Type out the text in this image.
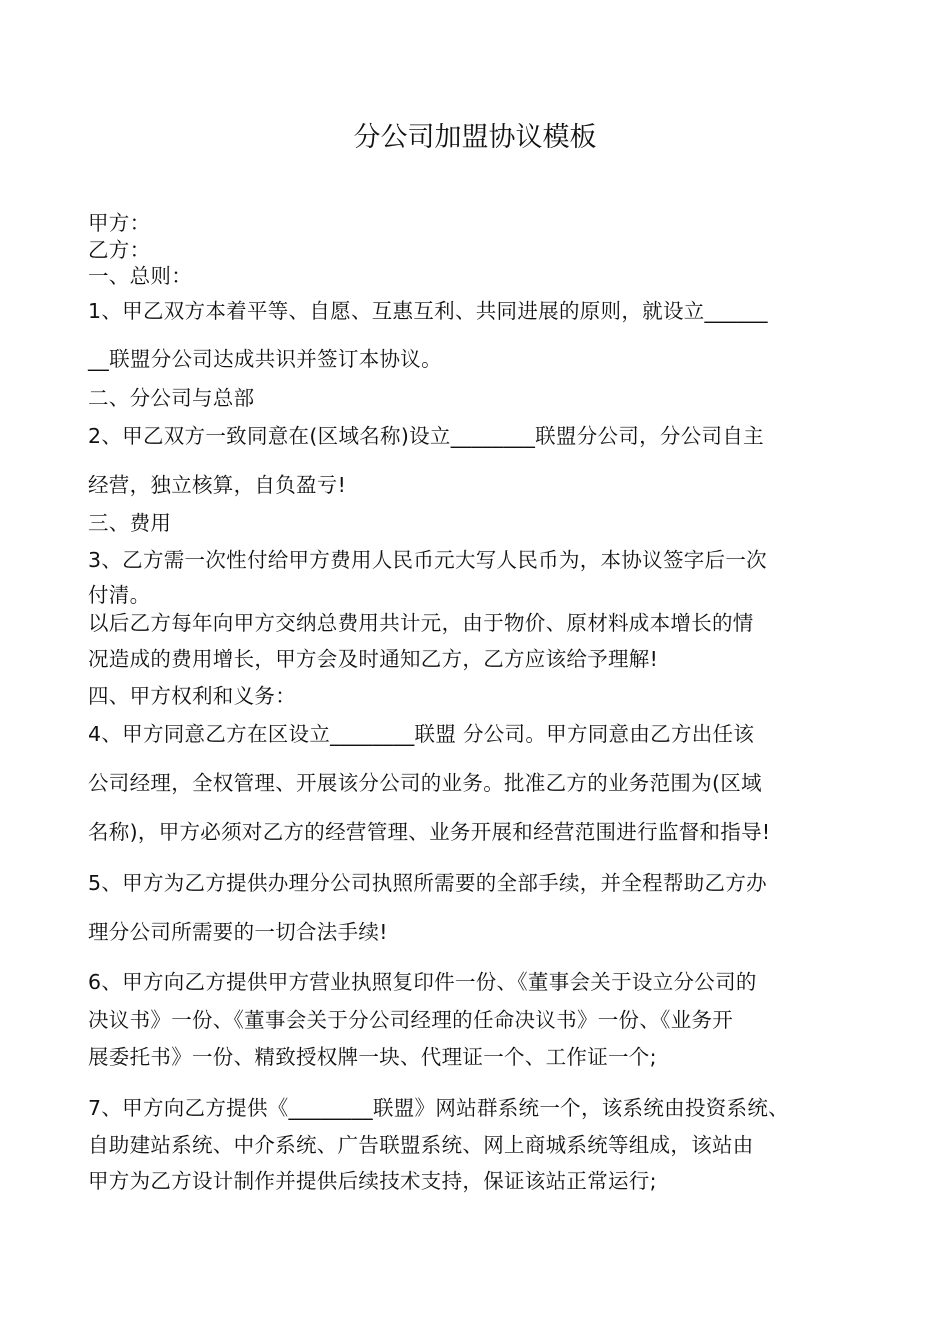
分公司加盟协议模板
甲方：
乙方：
一、总则：
1、甲乙双方本着平等、自愿、互惠互利、共同进展的原则，就设立______
__联盟分公司达成共识并签订本协议。
二、分公司与总部
2、甲乙双方一致同意在(区域名称)设立________联盟分公司，分公司自主
经营，独立核算，自负盈亏!
三、费用
3、乙方需一次性付给甲方费用人民币元大写人民币为，本协议签字后一次
付清。
以后乙方每年向甲方交纳总费用共计元，由于物价、原材料成本增长的情
况造成的费用增长，甲方会及时通知乙方，乙方应该给予理解!
四、甲方权利和义务：
4、甲方同意乙方在区设立________联盟 分公司。甲方同意由乙方出任该
公司经理，全权管理、开展该分公司的业务。批准乙方的业务范围为(区域
名称)，甲方必须对乙方的经营管理、业务开展和经营范围进行监督和指导!
5、甲方为乙方提供办理分公司执照所需要的全部手续，并全程帮助乙方办
理分公司所需要的一切合法手续!
6、甲方向乙方提供甲方营业执照复印件一份、《董事会关于设立分公司的
决议书》一份、《董事会关于分公司经理的任命决议书》一份、《业务开
展委托书》一份、精致授权牌一块、代理证一个、工作证一个;
7、甲方向乙方提供《________联盟》网站群系统一个，该系统由投资系统、
自助建站系统、中介系统、广告联盟系统、网上商城系统等组成，该站由
甲方为乙方设计制作并提供后续技术支持，保证该站正常运行;
